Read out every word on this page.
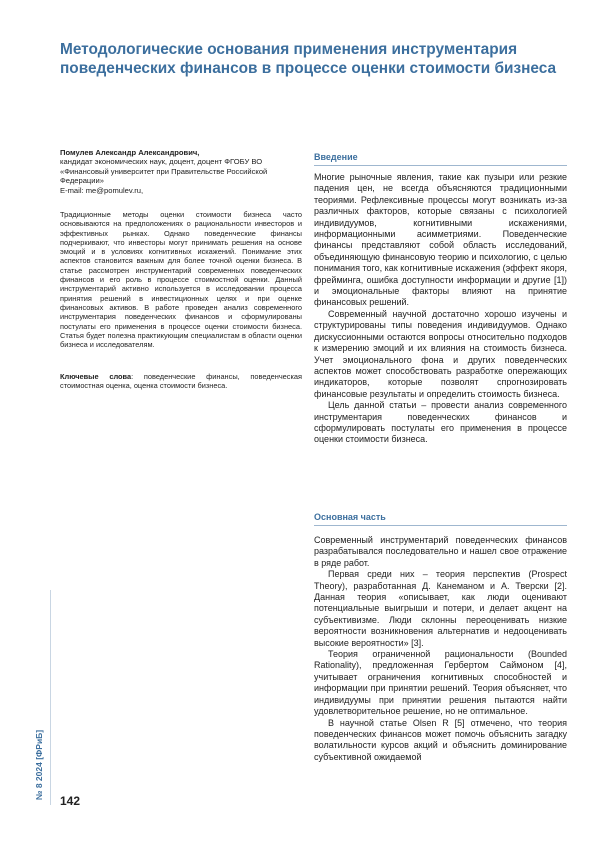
Методологические основания применения инструментария поведенческих финансов в процессе оценки стоимости бизнеса
Помулев Александр Александрович,
кандидат экономических наук, доцент, доцент ФГОБУ ВО «Финансовый университет при Правительстве Российской Федерации»
E-mail: me@pomulev.ru,

Традиционные методы оценки стоимости бизнеса часто основываются на предположениях о рациональности инвесторов и эффективных рынках. Однако поведенческие финансы подчеркивают, что инвесторы могут принимать решения на основе эмоций и в условиях когнитивных искажений. Понимание этих аспектов становится важным для более точной оценки бизнеса. В статье рассмотрен инструментарий современных поведенческих финансов и его роль в процессе стоимостной оценки. Данный инструментарий активно используется в исследовании процесса принятия решений в инвестиционных целях и при оценке финансовых активов. В работе проведен анализ современного инструментария поведенческих финансов и сформулированы постулаты его применения в процессе оценки стоимости бизнеса. Статья будет полезна практикующим специалистам в области оценки бизнеса и исследователям.

Ключевые слова: поведенческие финансы, поведенческая стоимостная оценка, оценка стоимости бизнеса.

Введение

Многие рыночные явления, такие как пузыри или резкие падения цен, не всегда объясняются традиционными теориями. Рефлексивные процессы могут возникать из-за различных факторов, которые связаны с психологией индивидуумов, когнитивными искажениями, информационными асимметриями. Поведенческие финансы представляют собой область исследований, объединяющую финансовую теорию и психологию, с целью понимания того, как когнитивные искажения (эффект якоря, фрейминга, ошибка доступности информации и другие [1]) и эмоциональные факторы влияют на принятие финансовых решений.

Современный научной достаточно хорошо изучены и структурированы типы поведения индивидуумов. Однако дискуссионными остаются вопросы относительно подходов к измерению эмоций и их влияния на стоимость бизнеса. Учет эмоционального фона и других поведенческих аспектов может способствовать разработке опережающих индикаторов, которые позволят спрогнозировать финансовые результаты и определить стоимость бизнеса.

Цель данной статьи – провести анализ современного инструментария поведенческих финансов и сформулировать постулаты его применения в процессе оценки стоимости бизнеса.

Основная часть

Современный инструментарий поведенческих финансов разрабатывался последовательно и нашел свое отражение в ряде работ.

Первая среди них – теория перспектив (Prospect Theory), разработанная Д. Канеманом и А. Тверски [2]. Данная теория «описывает, как люди оценивают потенциальные выигрыши и потери, и делает акцент на субъективизме. Люди склонны переоценивать низкие вероятности возникновения альтернатив и недооценивать высокие вероятности» [3].

Теория ограниченной рациональности (Bounded Rationality), предложенная Гербертом Саймоном [4], учитывает ограничения когнитивных способностей и информации при принятии решений. Теория объясняет, что индивидуумы при принятии решения пытаются найти удовлетворительное решение, но не оптимальное.

В научной статье Olsen R [5] отмечено, что теория поведенческих финансов может помочь объяснить загадку волатильности курсов акций и объяснить доминирование субъективной ожидаемой

№ 8 2024 [ФРиБ]
142
